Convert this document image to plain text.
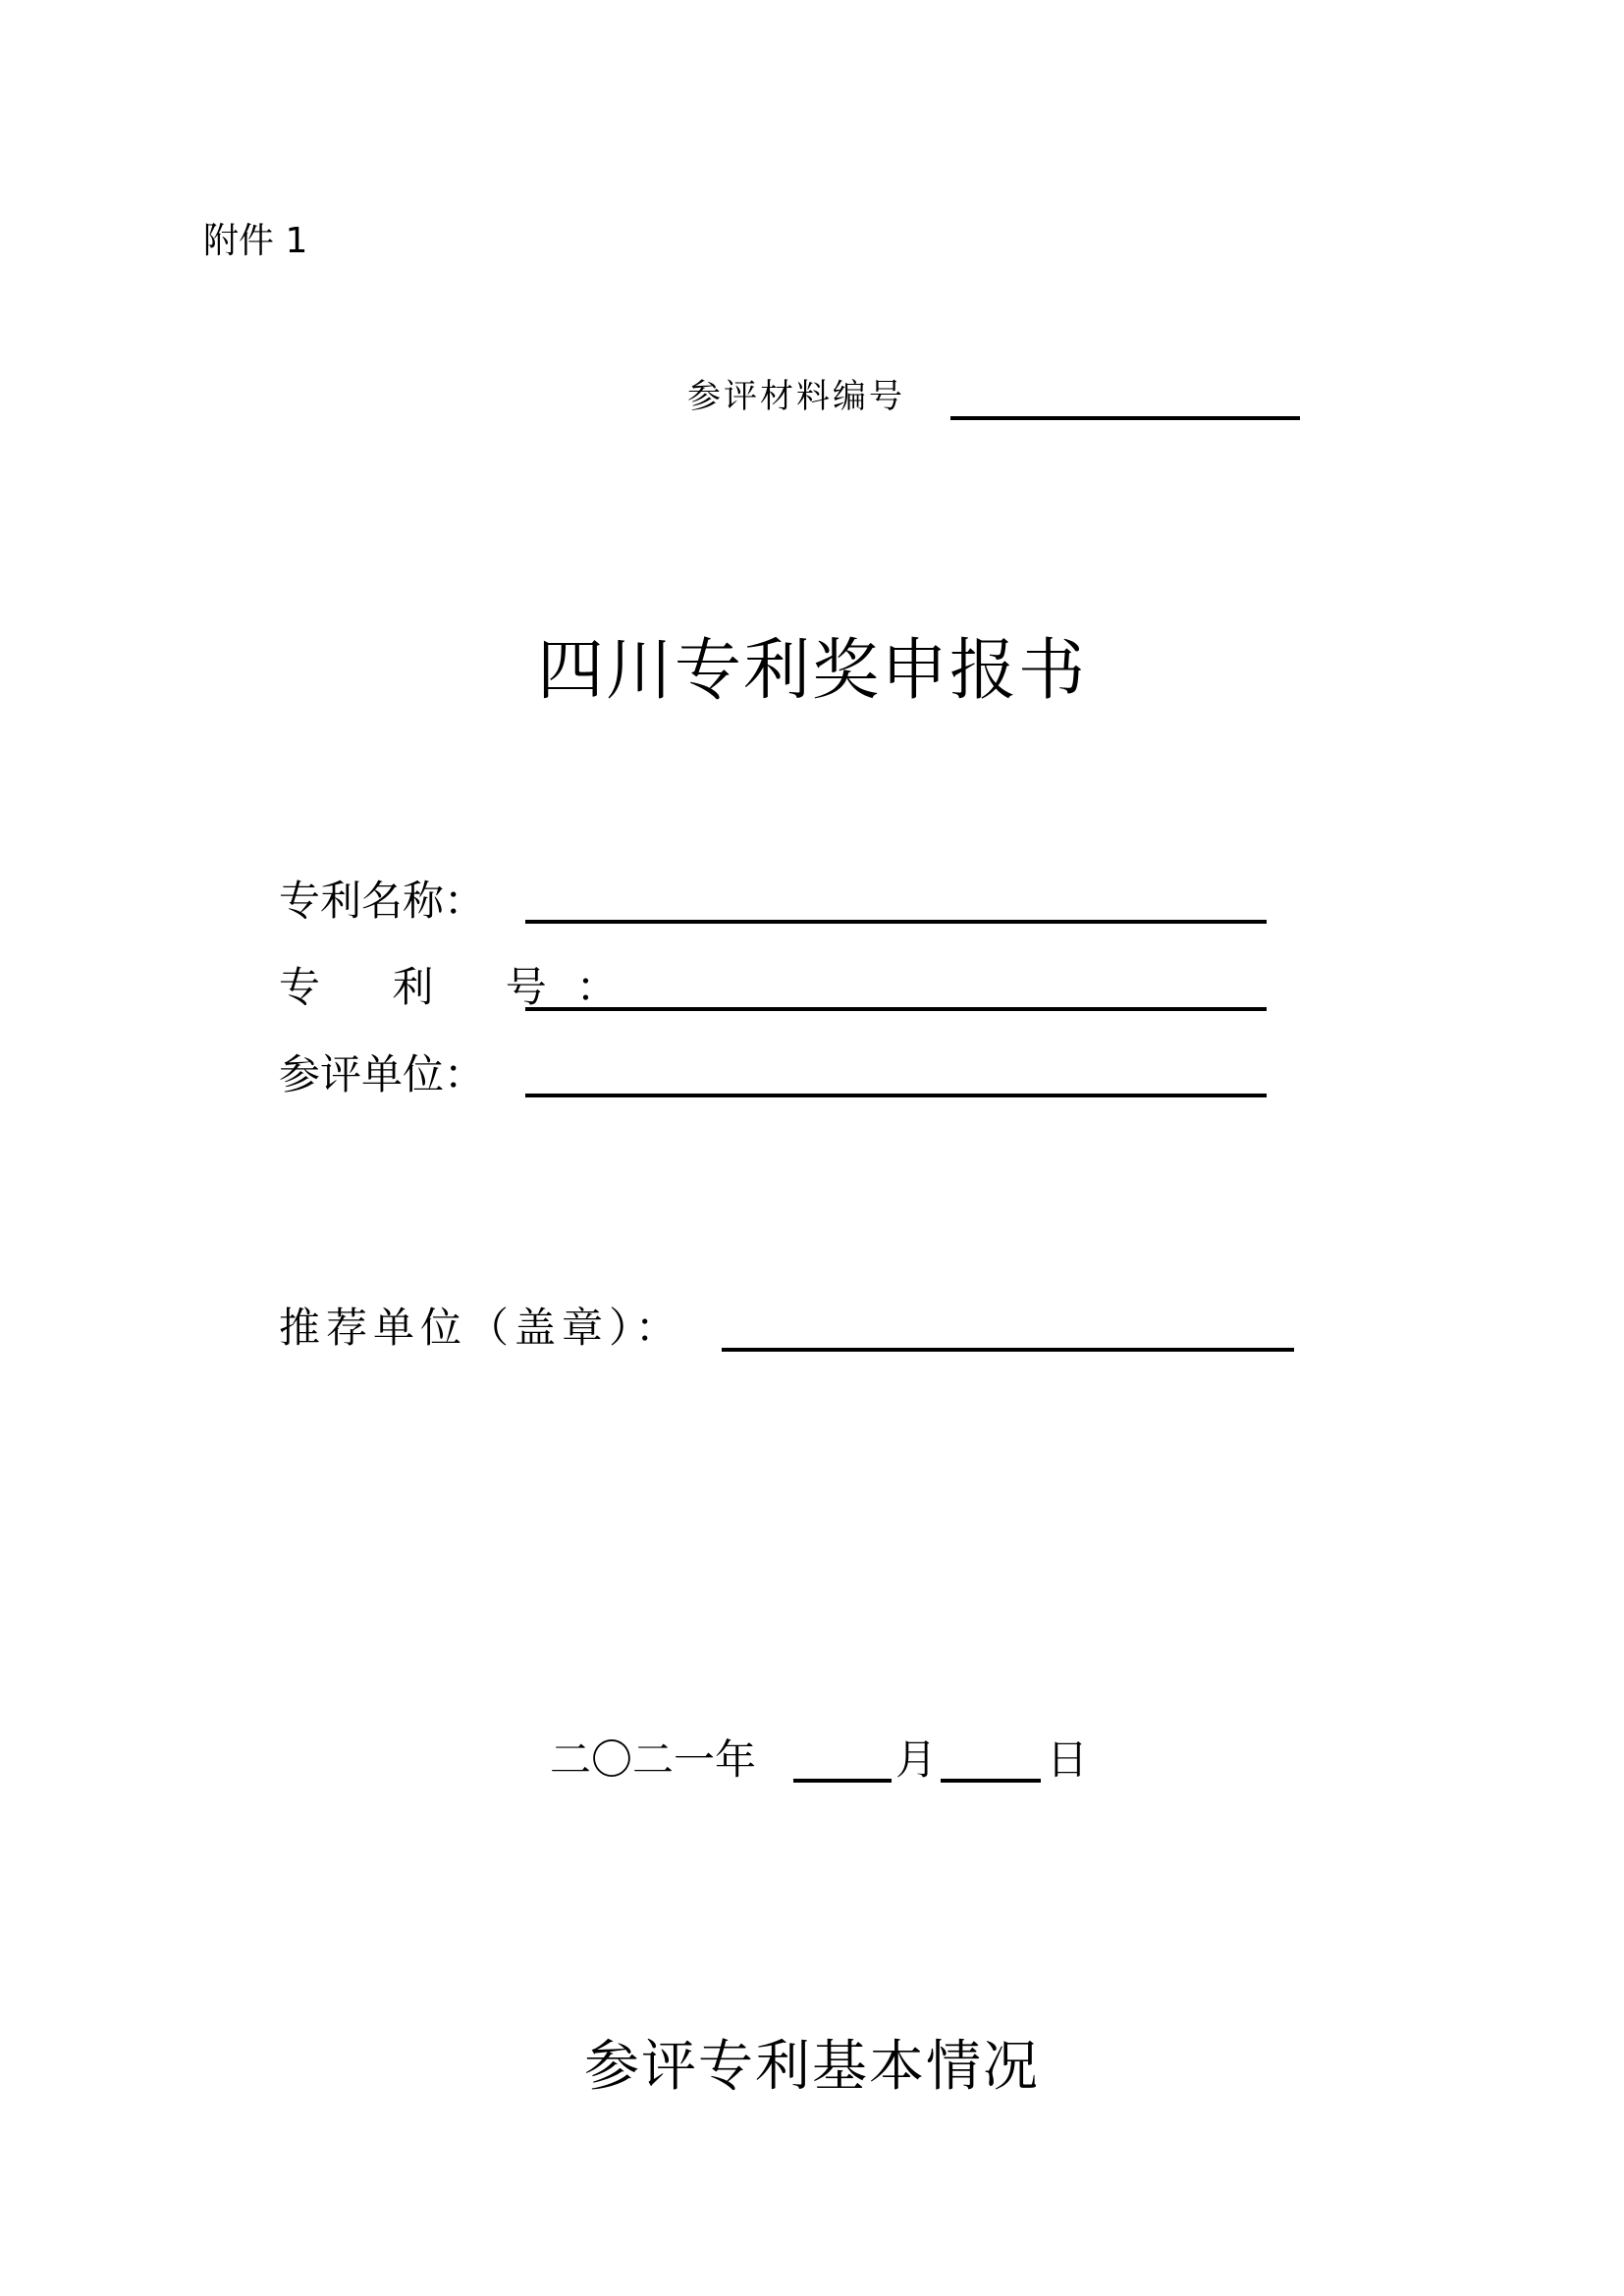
附件 1
参评材料编号
四川专利奖申报书
专利名称：
专 利 号：
参评单位：
推荐单位（盖章）：
二〇二一年	月	日
参评专利基本情况
